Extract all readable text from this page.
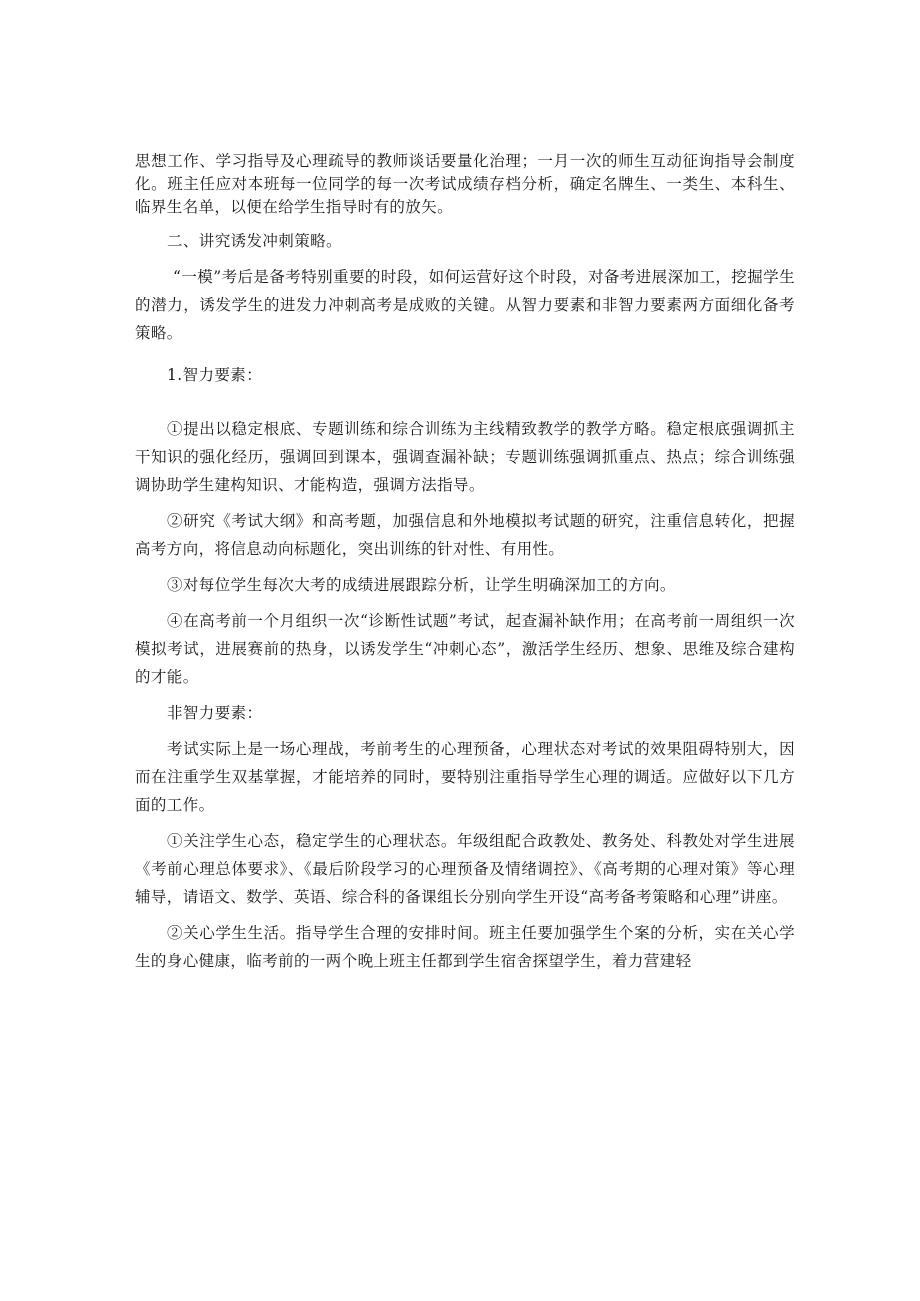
思想工作、学习指导及心理疏导的教师谈话要量化治理；一月一次的师生互动征询指导会制度化。班主任应对本班每一位同学的每一次考试成绩存档分析，确定名牌生、一类生、本科生、临界生名单，以便在给学生指导时有的放矢。

二、讲究诱发冲刺策略。

“一模”考后是备考特别重要的时段，如何运营好这个时段，对备考进展深加工，挖掘学生的潜力，诱发学生的进发力冲刺高考是成败的关键。从智力要素和非智力要素两方面细化备考策略。

1.智力要素：

①提出以稳定根底、专题训练和综合训练为主线精致教学的教学方略。稳定根底强调抓主干知识的强化经历，强调回到课本，强调查漏补缺；专题训练强调抓重点、热点；综合训练强调协助学生建构知识、才能构造，强调方法指导。

②研究《考试大纲》和高考题，加强信息和外地模拟考试题的研究，注重信息转化，把握高考方向，将信息动向标题化，突出训练的针对性、有用性。

③对每位学生每次大考的成绩进展跟踪分析，让学生明确深加工的方向。

④在高考前一个月组织一次“诊断性试题”考试，起查漏补缺作用；在高考前一周组织一次模拟考试，进展赛前的热身，以诱发学生“冲刺心态”，激活学生经历、想象、思维及综合建构的才能。

非智力要素：

考试实际上是一场心理战，考前考生的心理预备，心理状态对考试的效果阻碍特别大，因而在注重学生双基掌握，才能培养的同时，要特别注重指导学生心理的调适。应做好以下几方面的工作。

①关注学生心态，稳定学生的心理状态。年级组配合政教处、教务处、科教处对学生进展《考前心理总体要求》、《最后阶段学习的心理预备及情绪调控》、《高考期的心理对策》等心理辅导，请语文、数学、英语、综合科的备课组长分别向学生开设“高考备考策略和心理”讲座。

②关心学生生活。指导学生合理的安排时间。班主任要加强学生个案的分析，实在关心学生的身心健康，临考前的一两个晚上班主任都到学生宿舍探望学生，着力营建轻
